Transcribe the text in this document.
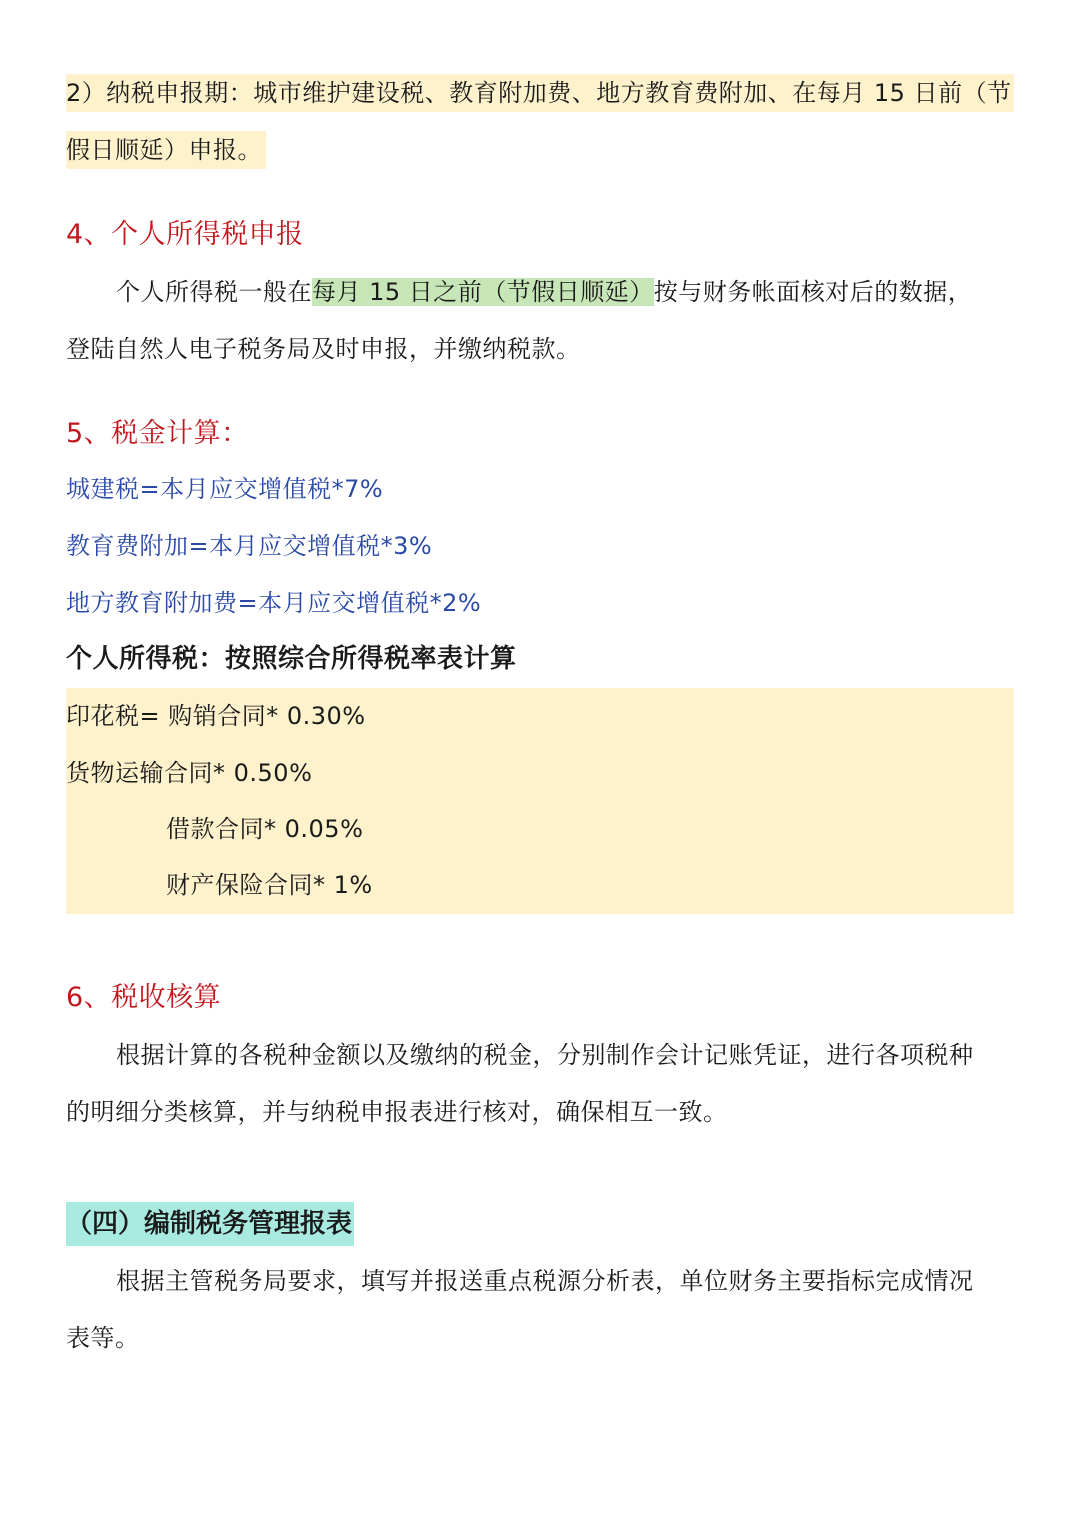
2）纳税申报期：城市维护建设税、教育附加费、地方教育费附加、在每月 15 日前（节
假日顺延）申报。
4、个人所得税申报
个人所得税一般在每月 15 日之前（节假日顺延）按与财务帐面核对后的数据，
登陆自然人电子税务局及时申报，并缴纳税款。
5、税金计算：
城建税=本月应交增值税*7%
教育费附加=本月应交增值税*3%
地方教育附加费=本月应交增值税*2%
个人所得税：按照综合所得税率表计算
印花税= 购销合同* 0.30%
货物运输合同* 0.50%
借款合同* 0.05%
财产保险合同* 1%
6、税收核算
根据计算的各税种金额以及缴纳的税金，分别制作会计记账凭证，进行各项税种
的明细分类核算，并与纳税申报表进行核对，确保相互一致。
（四）编制税务管理报表
根据主管税务局要求，填写并报送重点税源分析表，单位财务主要指标完成情况
表等。
